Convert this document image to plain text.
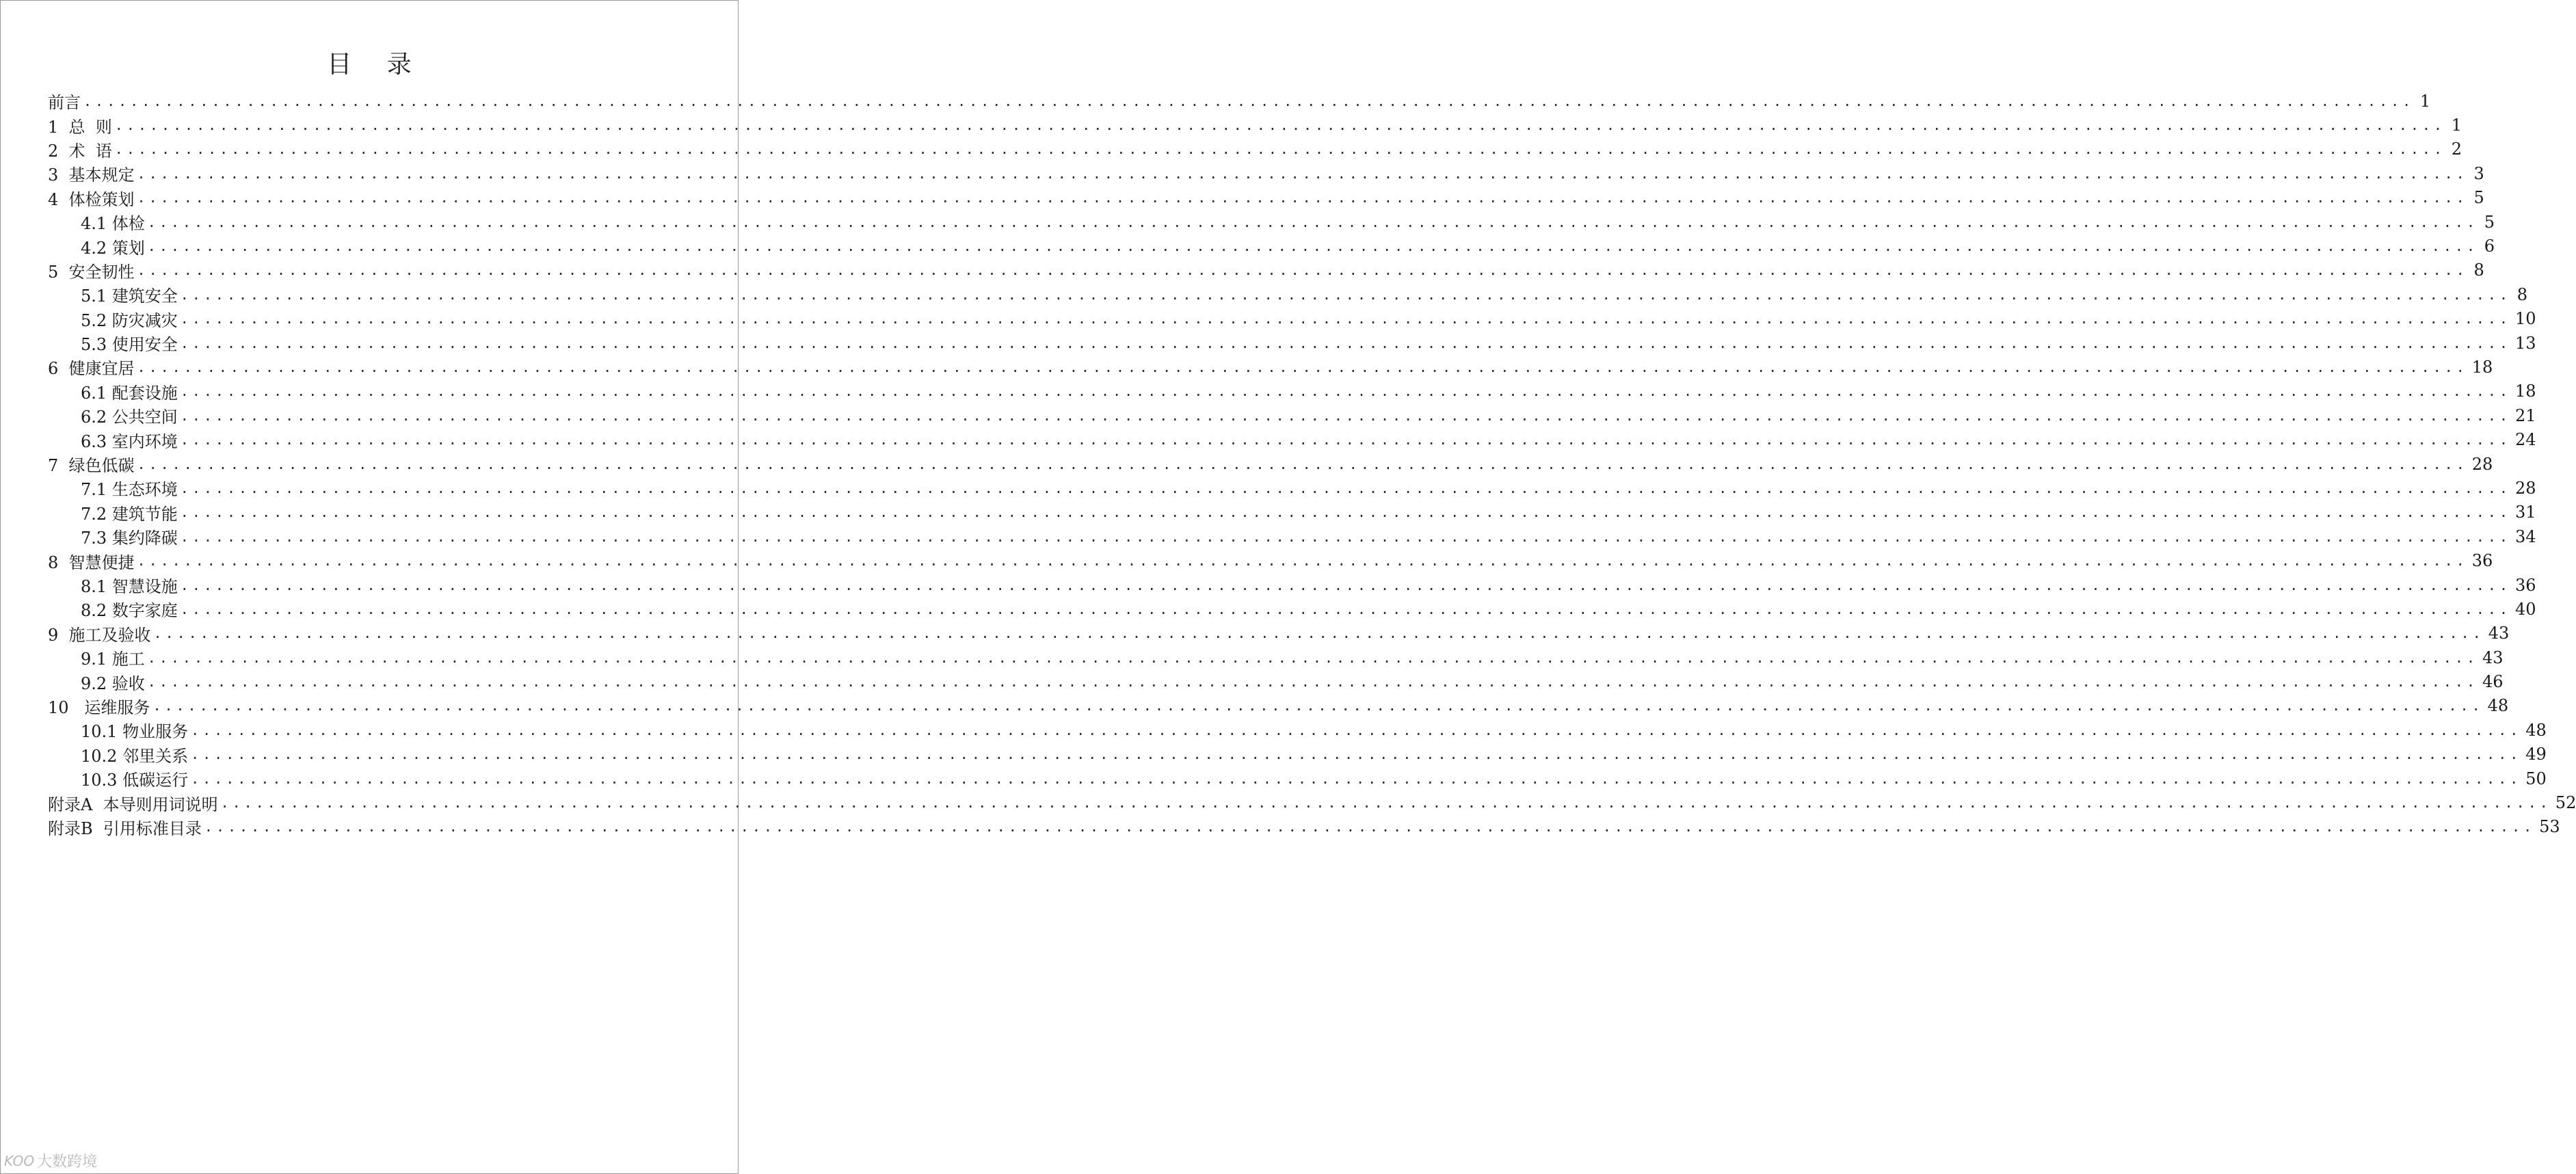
目 录
前言 ........................................................................................................................................................................................................ 1
1  总  则 ........................................................................................................................................................................................................ 1
2  术  语 ........................................................................................................................................................................................................ 2
3  基本规定 ........................................................................................................................................................................................................ 3
4  体检策划 ........................................................................................................................................................................................................ 5
4.1 体检 ........................................................................................................................................................................................................ 5
4.2 策划 ........................................................................................................................................................................................................ 6
5  安全韧性 ........................................................................................................................................................................................................ 8
5.1 建筑安全 ........................................................................................................................................................................................................ 8
5.2 防灾减灾 ........................................................................................................................................................................................................ 10
5.3 使用安全 ........................................................................................................................................................................................................ 13
6  健康宜居 ........................................................................................................................................................................................................ 18
6.1 配套设施 ........................................................................................................................................................................................................ 18
6.2 公共空间 ........................................................................................................................................................................................................ 21
6.3 室内环境 ........................................................................................................................................................................................................ 24
7  绿色低碳 ........................................................................................................................................................................................................ 28
7.1 生态环境 ........................................................................................................................................................................................................ 28
7.2 建筑节能 ........................................................................................................................................................................................................ 31
7.3 集约降碳 ........................................................................................................................................................................................................ 34
8  智慧便捷 ........................................................................................................................................................................................................ 36
8.1 智慧设施 ........................................................................................................................................................................................................ 36
8.2 数字家庭 ........................................................................................................................................................................................................ 40
9  施工及验收 ........................................................................................................................................................................................................ 43
9.1 施工 ........................................................................................................................................................................................................ 43
9.2 验收 ........................................................................................................................................................................................................ 46
10   运维服务 ........................................................................................................................................................................................................ 48
10.1 物业服务 ........................................................................................................................................................................................................ 48
10.2 邻里关系 ........................................................................................................................................................................................................ 49
10.3 低碳运行 ........................................................................................................................................................................................................ 50
附录A  本导则用词说明 ........................................................................................................................................................................................................ 52
附录B  引用标准目录 ........................................................................................................................................................................................................ 53
KOO 大数跨境
